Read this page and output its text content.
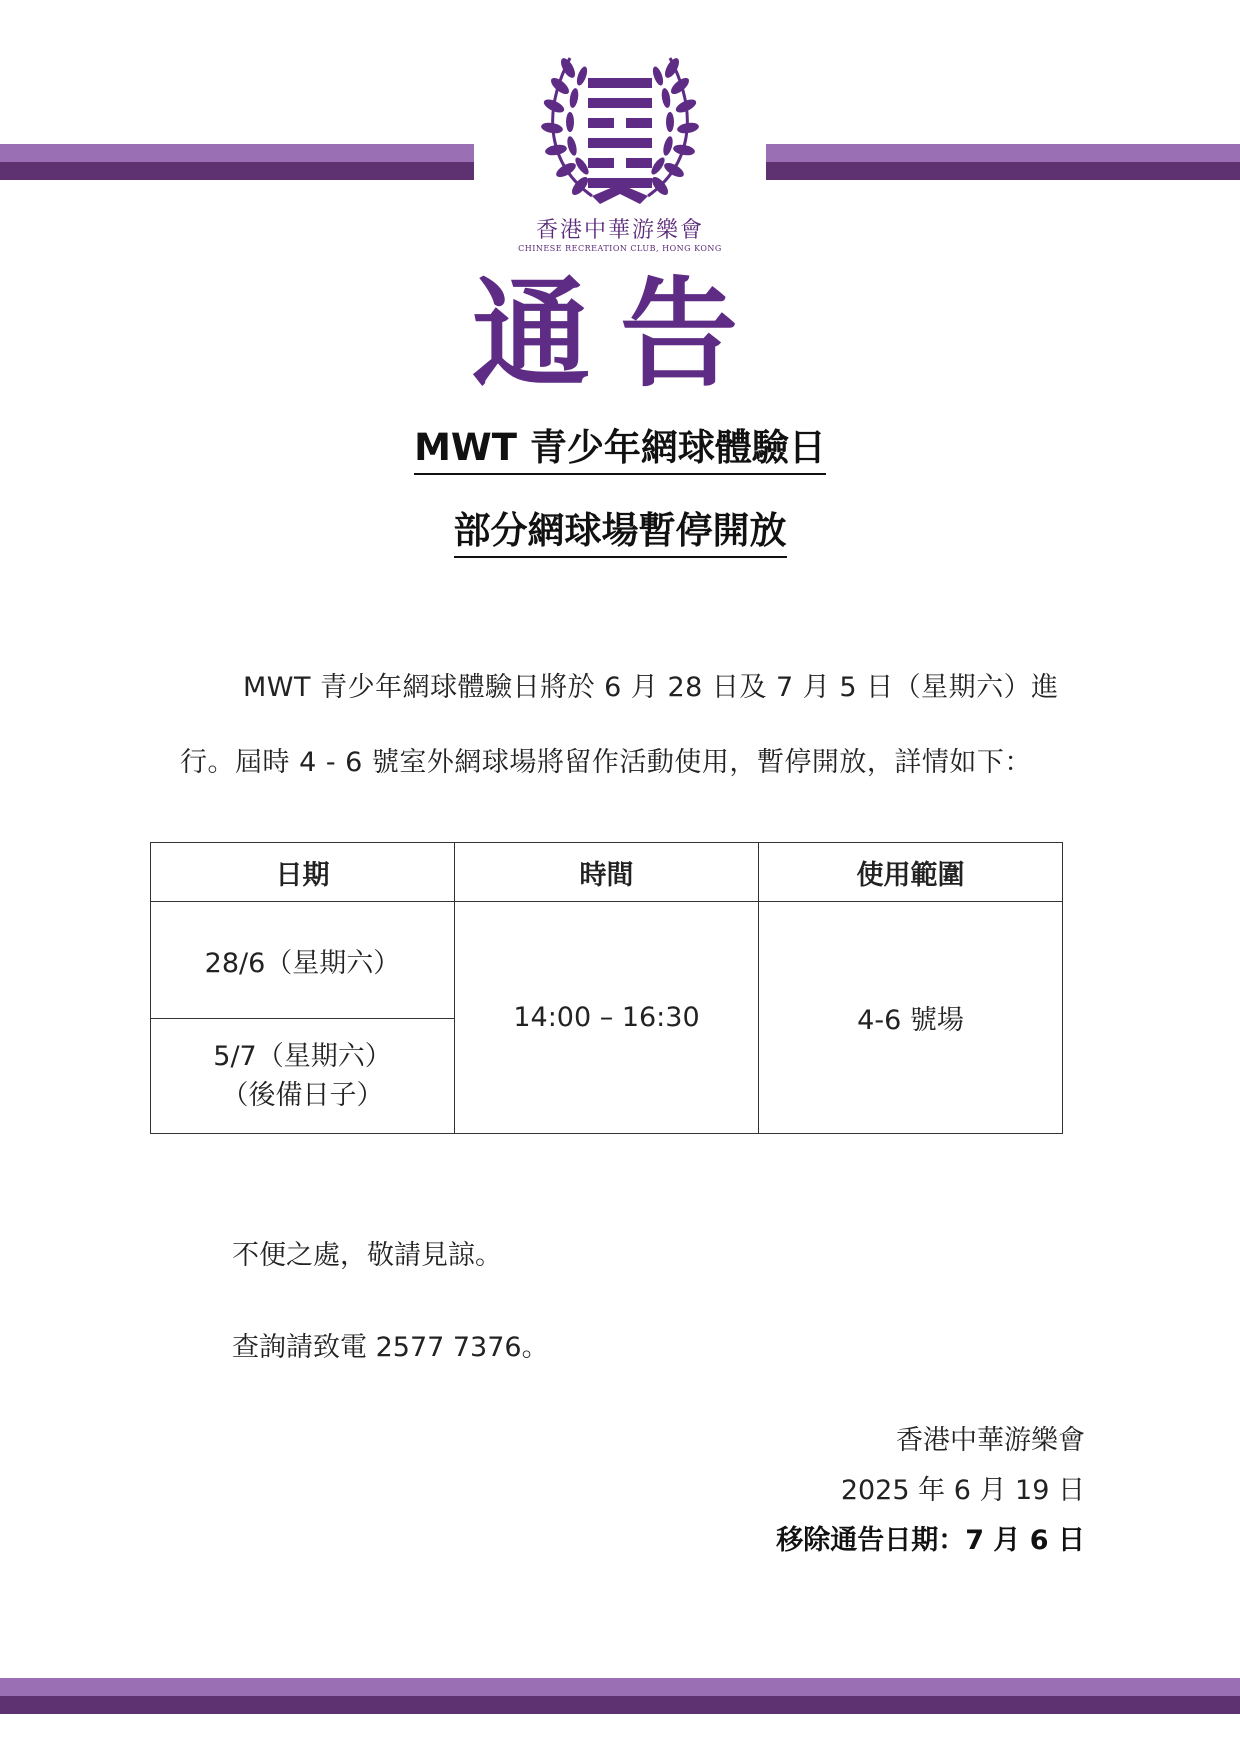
香港中華游樂會
CHINESE RECREATION CLUB, HONG KONG
通告
MWT 青少年網球體驗日
部分網球場暫停開放
MWT 青少年網球體驗日將於 6 月 28 日及 7 月 5 日（星期六）進
行。屆時 4 - 6 號室外網球場將留作活動使用，暫停開放，詳情如下：
日期	時間	使用範圍
28/6（星期六）	14:00 – 16:30	4-6 號場

5/7（星期六）
（後備日子）		
不便之處，敬請見諒。
查詢請致電 2577 7376。
香港中華游樂會
2025 年 6 月 19 日
移除通告日期：7 月 6 日
